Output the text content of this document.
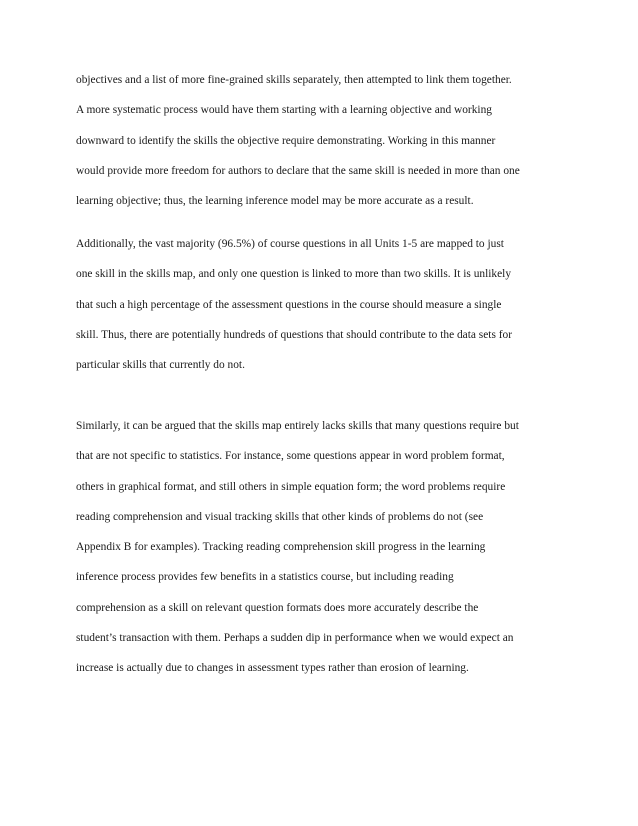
objectives and a list of more fine-grained skills separately, then attempted to link them together.
A more systematic process would have them starting with a learning objective and working
downward to identify the skills the objective require demonstrating. Working in this manner
would provide more freedom for authors to declare that the same skill is needed in more than one
learning objective; thus, the learning inference model may be more accurate as a result.
Additionally, the vast majority (96.5%) of course questions in all Units 1-5 are mapped to just
one skill in the skills map, and only one question is linked to more than two skills. It is unlikely
that such a high percentage of the assessment questions in the course should measure a single
skill. Thus, there are potentially hundreds of questions that should contribute to the data sets for
particular skills that currently do not.
Similarly, it can be argued that the skills map entirely lacks skills that many questions require but
that are not specific to statistics. For instance, some questions appear in word problem format,
others in graphical format, and still others in simple equation form; the word problems require
reading comprehension and visual tracking skills that other kinds of problems do not (see
Appendix B for examples). Tracking reading comprehension skill progress in the learning
inference process provides few benefits in a statistics course, but including reading
comprehension as a skill on relevant question formats does more accurately describe the
student’s transaction with them. Perhaps a sudden dip in performance when we would expect an
increase is actually due to changes in assessment types rather than erosion of learning.
